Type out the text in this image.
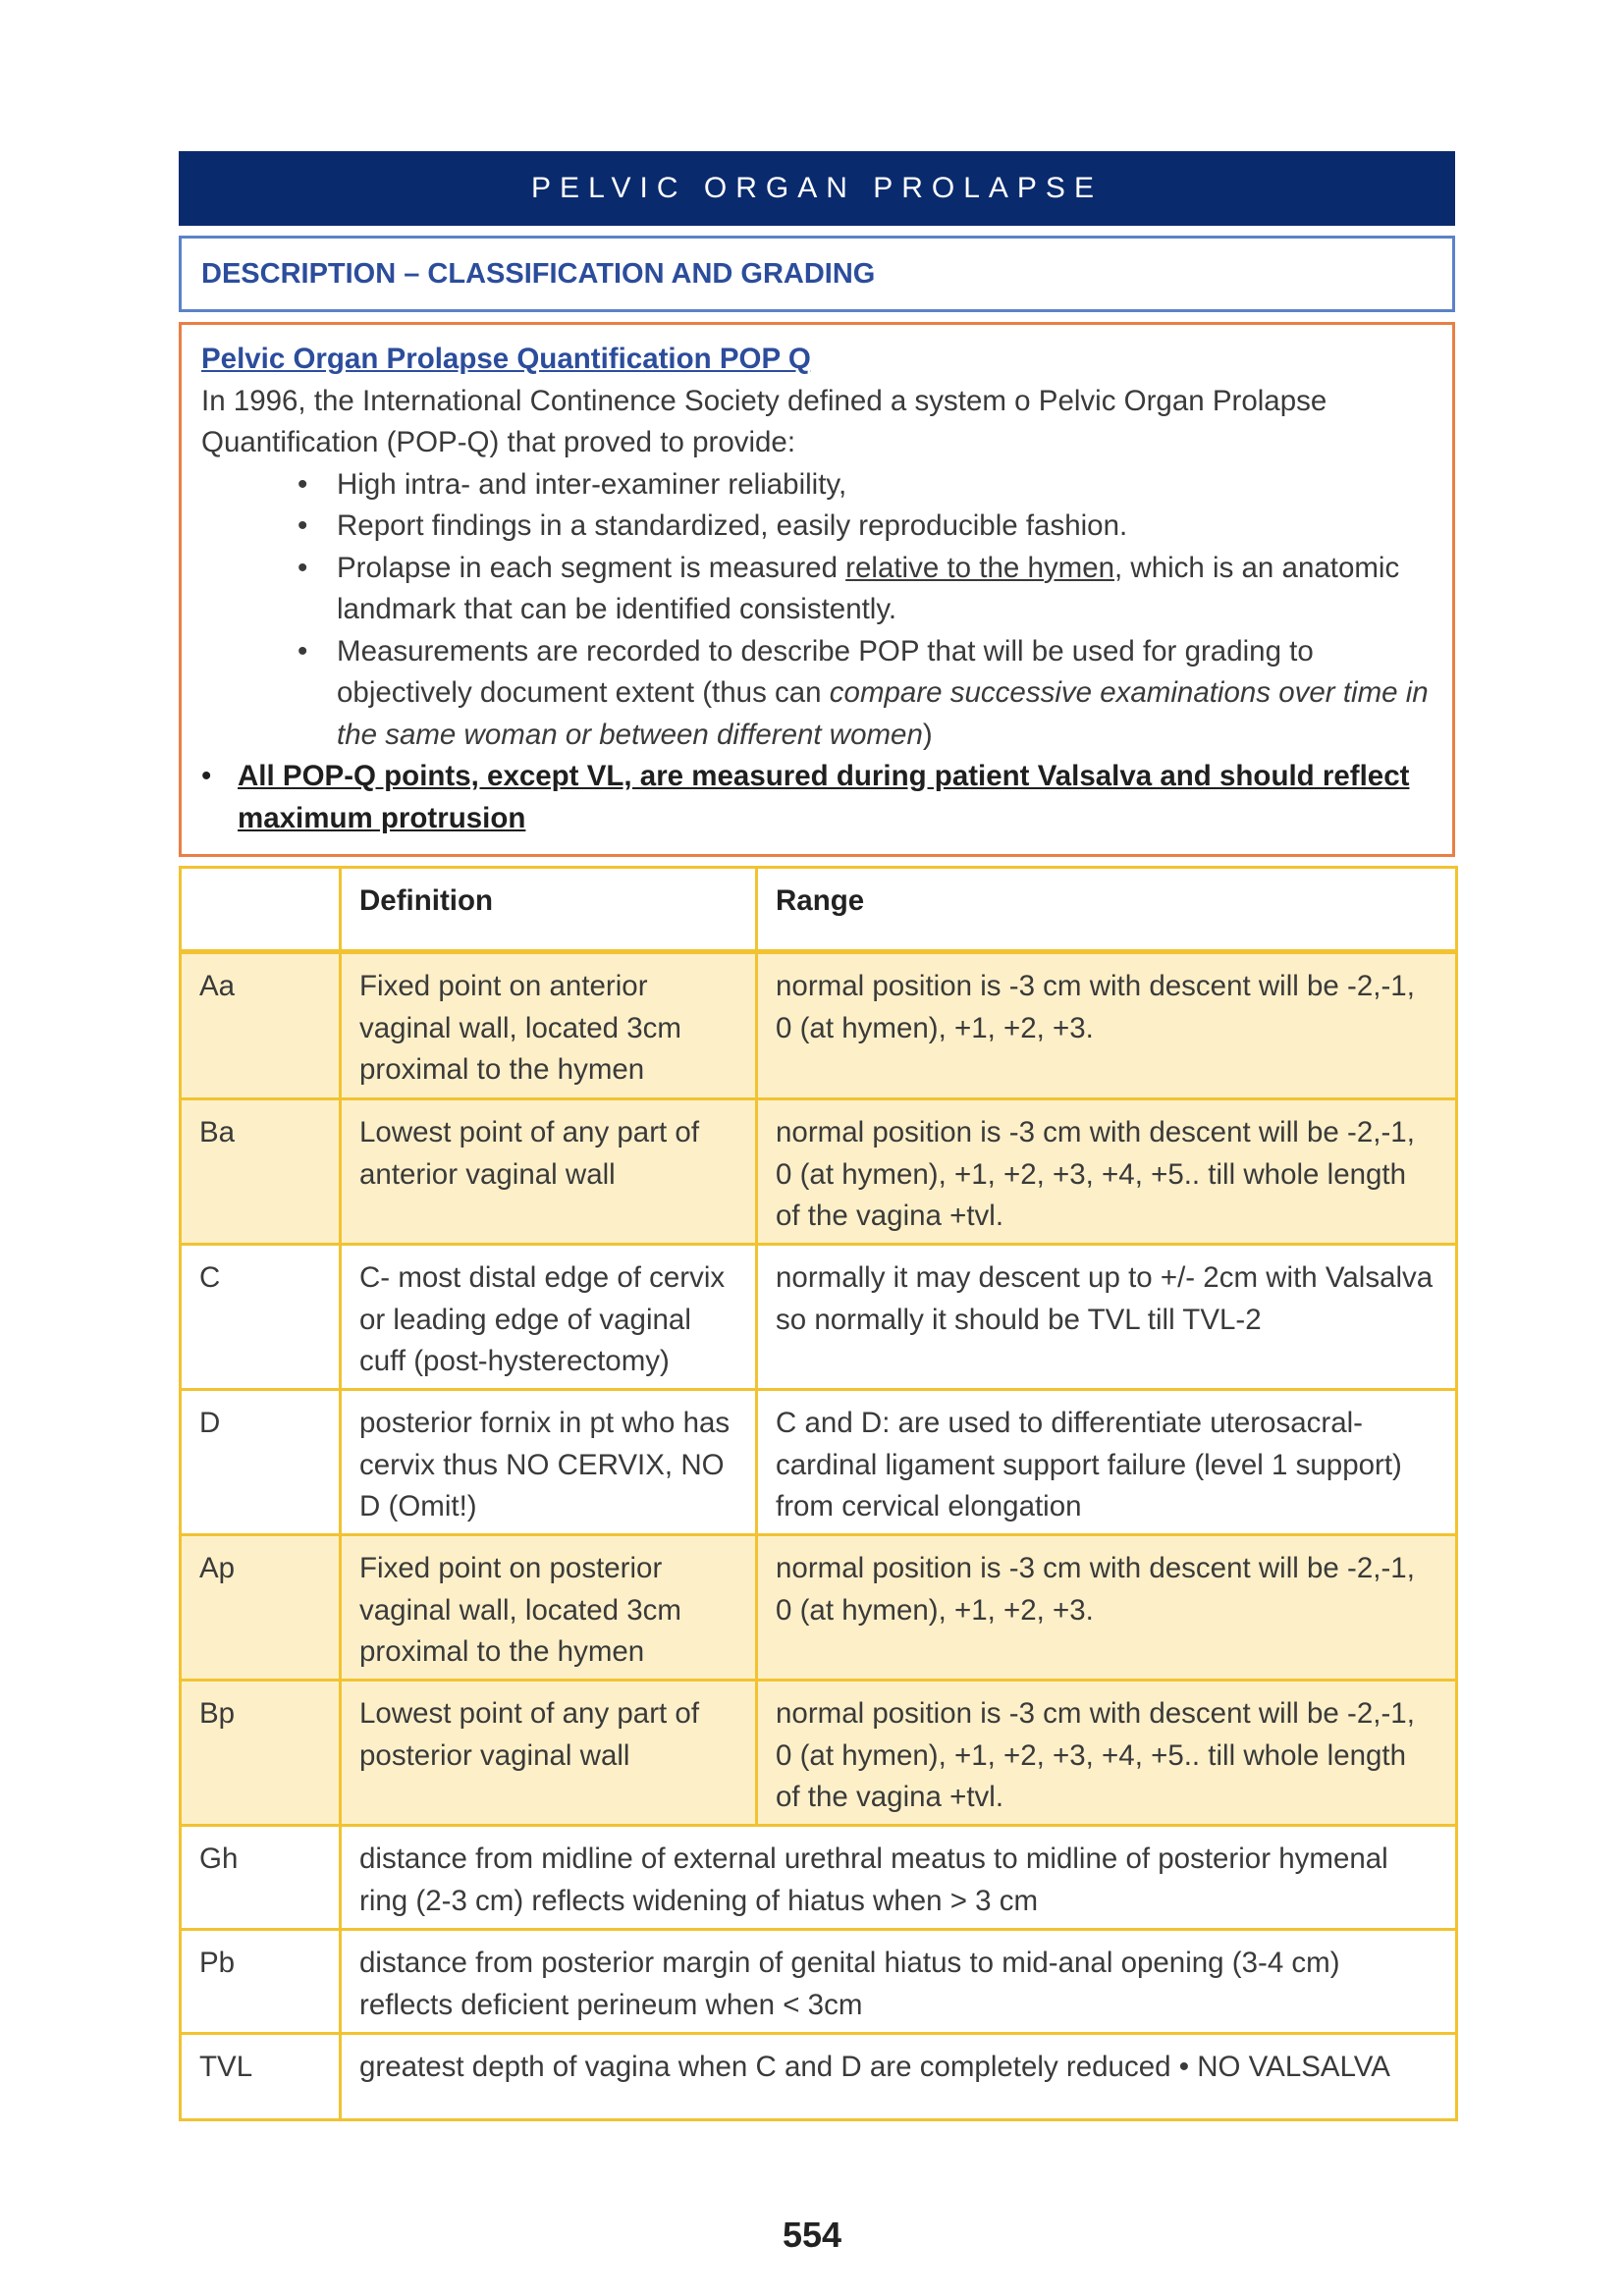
PELVIC ORGAN PROLAPSE
DESCRIPTION – CLASSIFICATION AND GRADING
Pelvic Organ Prolapse Quantification POP Q

In 1996, the International Continence Society defined a system o Pelvic Organ Prolapse Quantification (POP-Q) that proved to provide:

• High intra- and inter-examiner reliability,
• Report findings in a standardized, easily reproducible fashion.
• Prolapse in each segment is measured relative to the hymen, which is an anatomic landmark that can be identified consistently.
• Measurements are recorded to describe POP that will be used for grading to objectively document extent (thus can compare successive examinations over time in the same woman or between different women)
• All POP-Q points, except VL, are measured during patient Valsalva and should reflect maximum protrusion
	Definition	Range
Aa	Fixed point on anterior vaginal wall, located 3cm proximal to the hymen	normal position is -3 cm with descent will be -2,-1, 0 (at hymen), +1, +2, +3.
Ba	Lowest point of any part of anterior vaginal wall	normal position is -3 cm with descent will be -2,-1, 0 (at hymen), +1, +2, +3, +4, +5.. till whole length of the vagina +tvl.
C	C- most distal edge of cervix or leading edge of vaginal cuff (post-hysterectomy)	normally it may descent up to +/- 2cm with Valsalva so normally it should be TVL till TVL-2
D	posterior fornix in pt who has cervix thus NO CERVIX, NO D (Omit!)	C and D: are used to differentiate uterosacral-cardinal ligament support failure (level 1 support) from cervical elongation
Ap	Fixed point on posterior vaginal wall, located 3cm proximal to the hymen	normal position is -3 cm with descent will be -2,-1, 0 (at hymen), +1, +2, +3.
Bp	Lowest point of any part of posterior vaginal wall	normal position is -3 cm with descent will be -2,-1, 0 (at hymen), +1, +2, +3, +4, +5.. till whole length of the vagina +tvl.
Gh	distance from midline of external urethral meatus to midline of posterior hymenal ring (2-3 cm) reflects widening of hiatus when > 3 cm	
Pb	distance from posterior margin of genital hiatus to mid-anal opening (3-4 cm) reflects deficient perineum when < 3cm	
TVL	greatest depth of vagina when C and D are completely reduced • NO VALSALVA	
554
